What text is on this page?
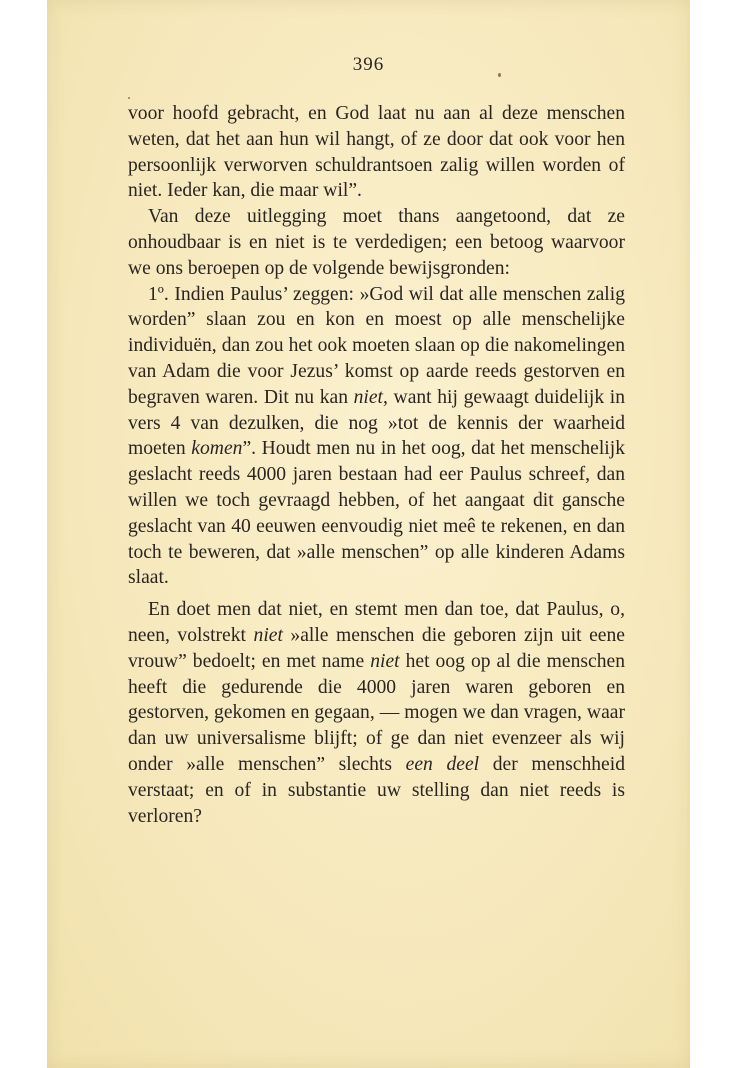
396

voor hoofd gebracht, en God laat nu aan al deze menschen weten, dat het aan hun wil hangt, of ze door dat ook voor hen persoonlijk verworven schuldrantsoen zalig willen worden of niet. Ieder kan, die maar wil”.

Van deze uitlegging moet thans aangetoond, dat ze onhoudbaar is en niet is te verdedigen; een betoog waarvoor we ons beroepen op de volgende bewijsgronden:

1º. Indien Paulus’ zeggen: »God wil dat alle menschen zalig worden” slaan zou en kon en moest op alle menschelijke individuën, dan zou het ook moeten slaan op die nakomelingen van Adam die voor Jezus’ komst op aarde reeds gestorven en begraven waren. Dit nu kan niet, want hij gewaagt duidelijk in vers 4 van dezulken, die nog »tot de kennis der waarheid moeten komen”. Houdt men nu in het oog, dat het menschelijk geslacht reeds 4000 jaren bestaan had eer Paulus schreef, dan willen we toch gevraagd hebben, of het aangaat dit gansche geslacht van 40 eeuwen eenvoudig niet meê te rekenen, en dan toch te beweren, dat »alle menschen” op alle kinderen Adams slaat.

En doet men dat niet, en stemt men dan toe, dat Paulus, o, neen, volstrekt niet »alle menschen die geboren zijn uit eene vrouw” bedoelt; en met name niet het oog op al die menschen heeft die gedurende die 4000 jaren waren geboren en gestorven, gekomen en gegaan, — mogen we dan vragen, waar dan uw universalisme blijft; of ge dan niet evenzeer als wij onder »alle menschen” slechts een deel der menschheid verstaat; en of in substantie uw stelling dan niet reeds is verloren?
